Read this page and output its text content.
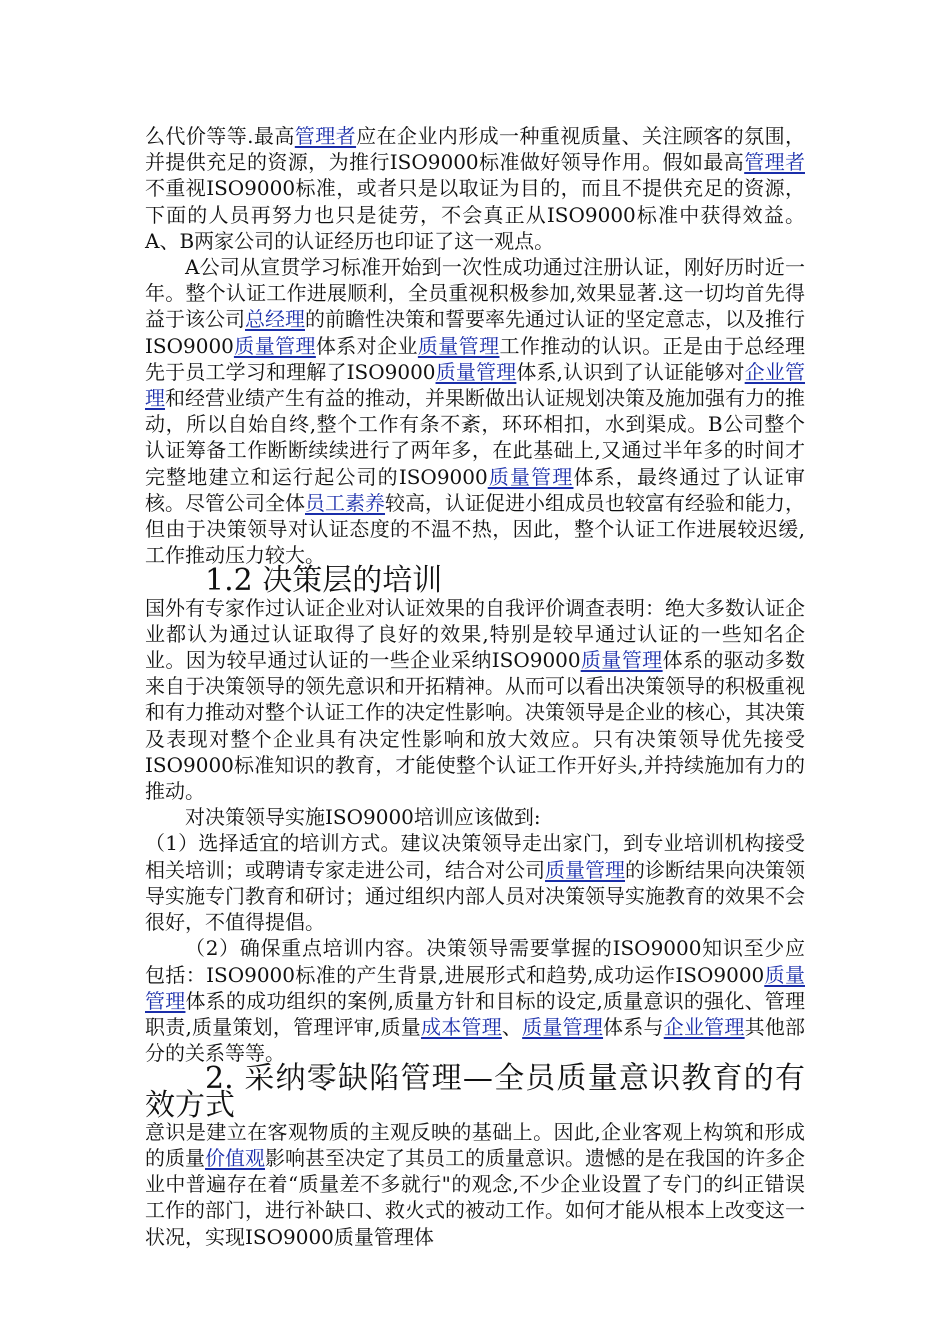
么代价等等.最高管理者应在企业内形成一种重视质量、关注顾客的氛围，并提供充足的资源，为推行ISO9000标准做好领导作用。假如最高管理者不重视ISO9000标准，或者只是以取证为目的，而且不提供充足的资源，下面的人员再努力也只是徒劳，不会真正从ISO9000标准中获得效益。A、B两家公司的认证经历也印证了这一观点。

A公司从宣贯学习标准开始到一次性成功通过注册认证，刚好历时近一年。整个认证工作进展顺利，全员重视积极参加,效果显著.这一切均首先得益于该公司总经理的前瞻性决策和誓要率先通过认证的坚定意志，以及推行ISO9000质量管理体系对企业质量管理工作推动的认识。正是由于总经理先于员工学习和理解了ISO9000质量管理体系,认识到了认证能够对企业管理和经营业绩产生有益的推动，并果断做出认证规划决策及施加强有力的推动，所以自始自终,整个工作有条不紊，环环相扣，水到渠成。B公司整个认证筹备工作断断续续进行了两年多，在此基础上,又通过半年多的时间才完整地建立和运行起公司的ISO9000质量管理体系，最终通过了认证审核。尽管公司全体员工素养较高，认证促进小组成员也较富有经验和能力，但由于决策领导对认证态度的不温不热，因此，整个认证工作进展较迟缓,工作推动压力较大。

1.2 决策层的培训

国外有专家作过认证企业对认证效果的自我评价调查表明：绝大多数认证企业都认为通过认证取得了良好的效果,特别是较早通过认证的一些知名企业。因为较早通过认证的一些企业采纳ISO9000质量管理体系的驱动多数来自于决策领导的领先意识和开拓精神。从而可以看出决策领导的积极重视和有力推动对整个认证工作的决定性影响。决策领导是企业的核心，其决策及表现对整个企业具有决定性影响和放大效应。只有决策领导优先接受ISO9000标准知识的教育，才能使整个认证工作开好头,并持续施加有力的推动。

对决策领导实施ISO9000培训应该做到:

（1）选择适宜的培训方式。建议决策领导走出家门，到专业培训机构接受相关培训；或聘请专家走进公司，结合对公司质量管理的诊断结果向决策领导实施专门教育和研讨；通过组织内部人员对决策领导实施教育的效果不会很好，不值得提倡。

（2）确保重点培训内容。决策领导需要掌握的ISO9000知识至少应包括：ISO9000标准的产生背景,进展形式和趋势,成功运作ISO9000质量管理体系的成功组织的案例,质量方针和目标的设定,质量意识的强化、管理职责,质量策划，管理评审,质量成本管理、质量管理体系与企业管理其他部分的关系等等。

2. 采纳零缺陷管理—全员质量意识教育的有效方式

意识是建立在客观物质的主观反映的基础上。因此,企业客观上构筑和形成的质量价值观影响甚至决定了其员工的质量意识。遗憾的是在我国的许多企业中普遍存在着“质量差不多就行"的观念,不少企业设置了专门的纠正错误工作的部门，进行补缺口、救火式的被动工作。如何才能从根本上改变这一状况，实现ISO9000质量管理体
